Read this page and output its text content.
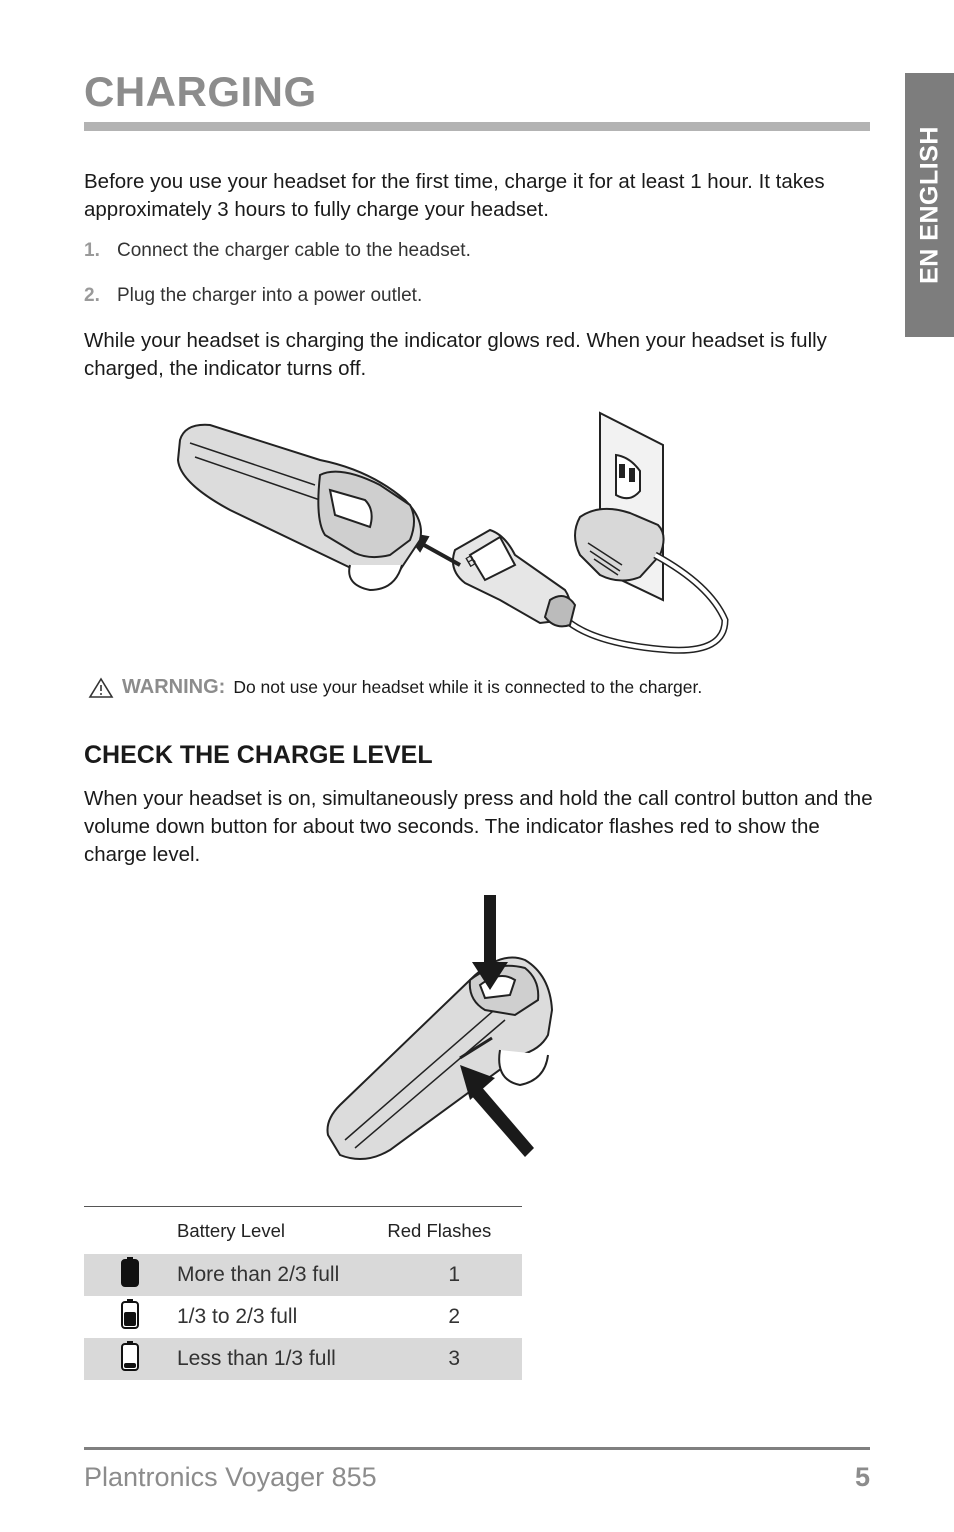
CHARGING
EN ENGLISH

Before you use your headset for the first time, charge it for at least 1 hour. It takes approximately 3 hours to fully charge your headset.

1. Connect the charger cable to the headset.

2. Plug the charger into a power outlet.

While your headset is charging the indicator glows red. When your headset is fully charged, the indicator turns off.

B
WARNING: Do not use your headset while it is connected to the charger.
CHECK THE CHARGE LEVEL

When your headset is on, simultaneously press and hold the call control button and the volume down button for about two seconds. The indicator flashes red to show the charge level.

	Battery Level	Red Flashes
	More than 2/3 full	1
	1/3 to 2/3 full	2
	Less than 1/3 full	3
Plantronics Voyager 855	5
